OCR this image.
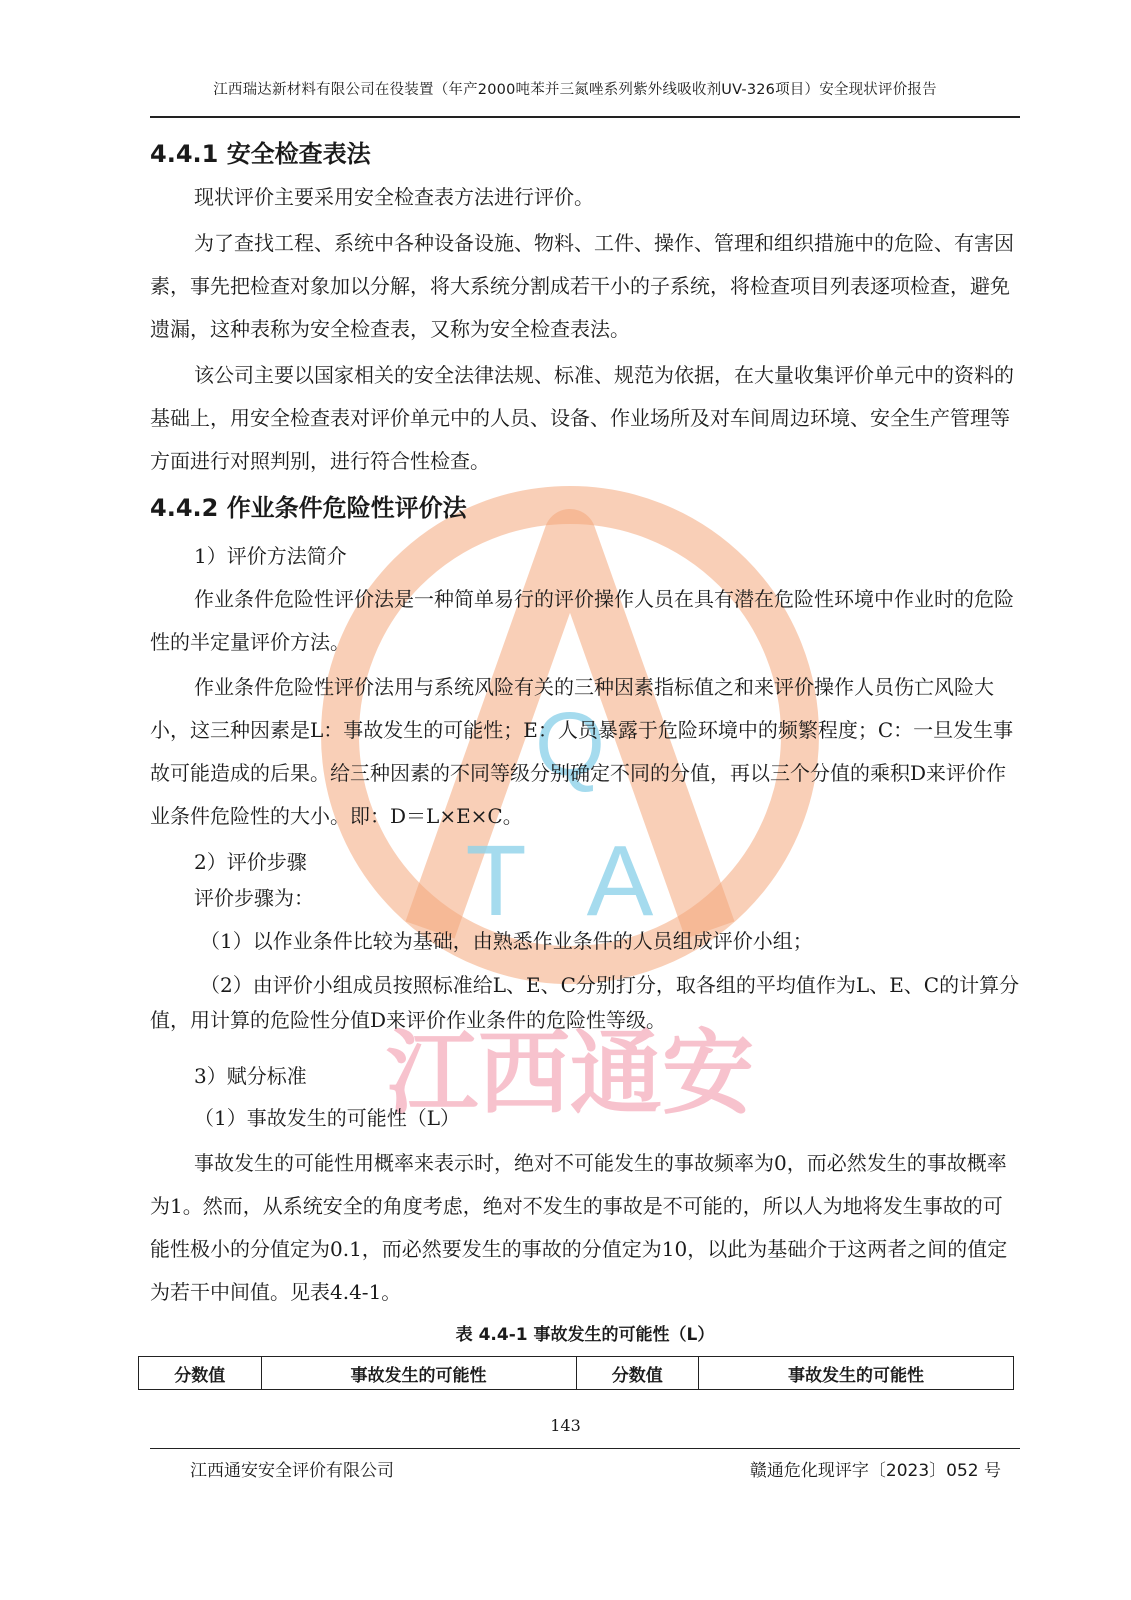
江西瑞达新材料有限公司在役装置（年产2000吨苯并三氮唑系列紫外线吸收剂UV-326项目）安全现状评价报告
Q
T A
江西通安
4.4.1 安全检查表法
现状评价主要采用安全检查表方法进行评价。
为了查找工程、系统中各种设备设施、物料、工件、操作、管理和组织措施中的危险、有害因素，事先把检查对象加以分解，将大系统分割成若干小的子系统，将检查项目列表逐项检查，避免遗漏，这种表称为安全检查表，又称为安全检查表法。
该公司主要以国家相关的安全法律法规、标准、规范为依据，在大量收集评价单元中的资料的基础上，用安全检查表对评价单元中的人员、设备、作业场所及对车间周边环境、安全生产管理等方面进行对照判别，进行符合性检查。
4.4.2 作业条件危险性评价法
1）评价方法简介
作业条件危险性评价法是一种简单易行的评价操作人员在具有潜在危险性环境中作业时的危险性的半定量评价方法。
作业条件危险性评价法用与系统风险有关的三种因素指标值之和来评价操作人员伤亡风险大小，这三种因素是L：事故发生的可能性；E：人员暴露于危险环境中的频繁程度；C：一旦发生事故可能造成的后果。给三种因素的不同等级分别确定不同的分值，再以三个分值的乘积D来评价作业条件危险性的大小。即：D＝L×E×C。
2）评价步骤
评价步骤为：
（1）以作业条件比较为基础，由熟悉作业条件的人员组成评价小组；
（2）由评价小组成员按照标准给L、E、C分别打分，取各组的平均值作为L、E、C的计算分值，用计算的危险性分值D来评价作业条件的危险性等级。
3）赋分标准
（1）事故发生的可能性（L）
事故发生的可能性用概率来表示时，绝对不可能发生的事故频率为0，而必然发生的事故概率为1。然而，从系统安全的角度考虑，绝对不发生的事故是不可能的，所以人为地将发生事故的可能性极小的分值定为0.1，而必然要发生的事故的分值定为10，以此为基础介于这两者之间的值定为若干中间值。见表4.4-1。
表 4.4-1 事故发生的可能性（L）
分数值	事故发生的可能性	分数值	事故发生的可能性
143
江西通安安全评价有限公司	赣通危化现评字〔2023〕052 号
